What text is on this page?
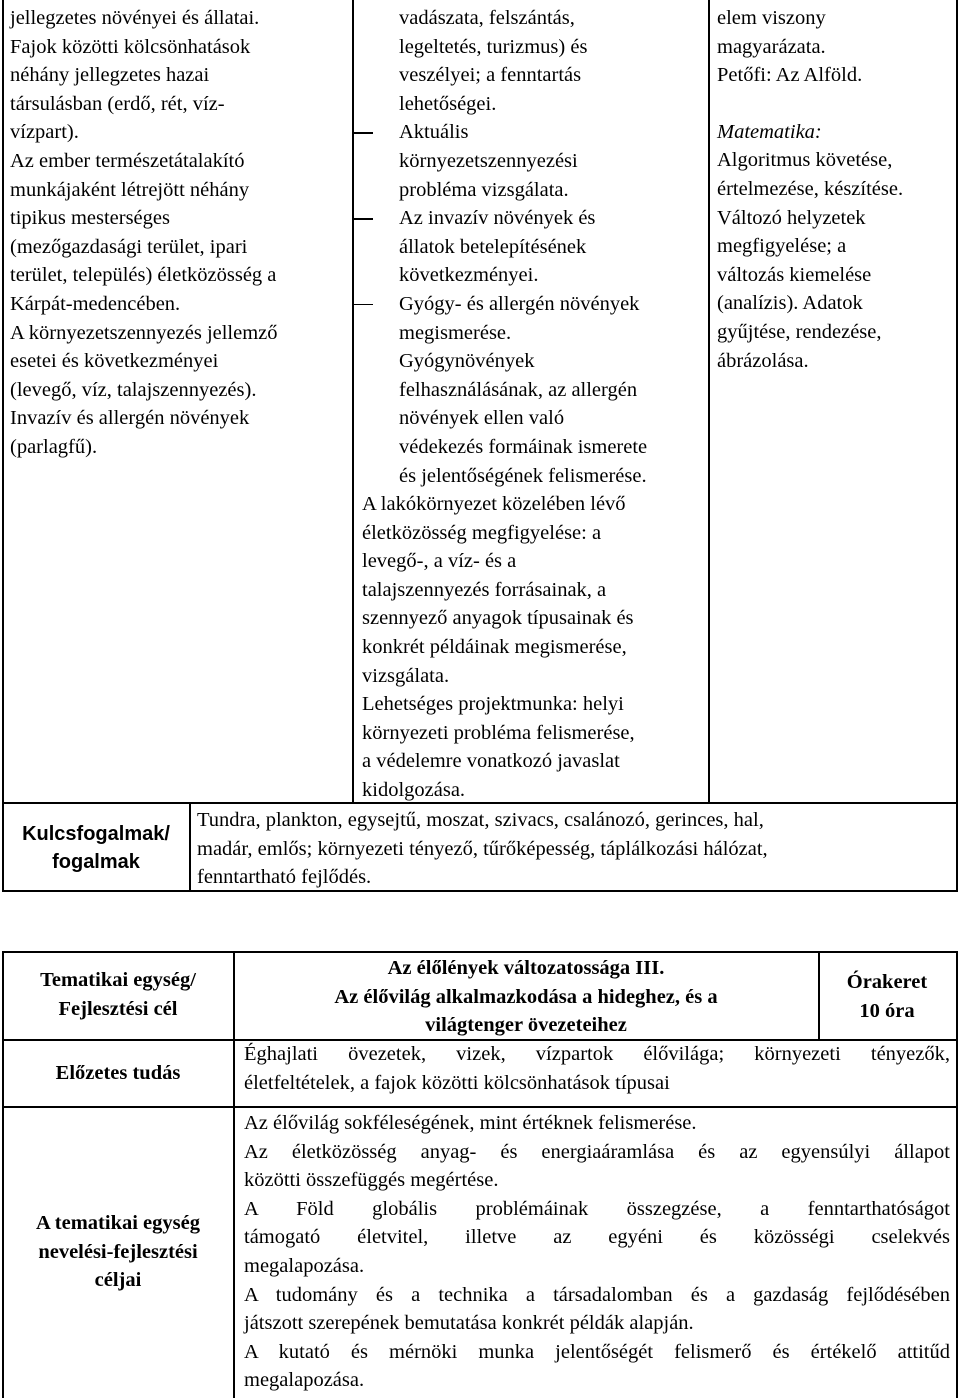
jellegzetes növényei és állatai.
Fajok közötti kölcsönhatások
néhány jellegzetes hazai
társulásban (erdő, rét, víz-
vízpart).
Az ember természetátalakító
munkájaként létrejött néhány
tipikus mesterséges
(mezőgazdasági terület, ipari
terület, település) életközösség a
Kárpát-medencében.
A környezetszennyezés jellemző
esetei és következményei
(levegő, víz, talajszennyezés).
Invazív és allergén növények
(parlagfű).
vadászata, felszántás,
legeltetés, turizmus) és
veszélyei; a fenntartás
lehetőségei.
Aktuális
környezetszennyezési
probléma vizsgálata.
Az invazív növények és
állatok betelepítésének
következményei.
Gyógy- és allergén növények
megismerése.
Gyógynövények
felhasználásának, az allergén
növények ellen való
védekezés formáinak ismerete
és jelentőségének felismerése.
A lakókörnyezet közelében lévő
életközösség megfigyelése: a
levegő-, a víz- és a
talajszennyezés forrásainak, a
szennyező anyagok típusainak és
konkrét példáinak megismerése,
vizsgálata.
Lehetséges projektmunka: helyi
környezeti probléma felismerése,
a védelemre vonatkozó javaslat
kidolgozása.
elem viszony
magyarázata.
Petőfi: Az Alföld.
Matematika:
Algoritmus követése,
értelmezése, készítése.
Változó helyzetek
megfigyelése; a
változás kiemelése
(analízis). Adatok
gyűjtése, rendezése,
ábrázolása.
Kulcsfogalmak/
fogalmak
Tundra, plankton, egysejtű, moszat, szivacs, csalánozó, gerinces, hal,
madár, emlős; környezeti tényező, tűrőképesség, táplálkozási hálózat,
fenntartható fejlődés.
Tematikai egység/
Fejlesztési cél
Az élőlények változatossága III.
Az élővilág alkalmazkodása a hideghez, és a
világtenger övezeteihez
Órakeret
10 óra
Előzetes tudás
Éghajlati övezetek, vizek, vízpartok élővilága; környezeti tényezők,
életfeltételek, a fajok közötti kölcsönhatások típusai
A tematikai egység
nevelési-fejlesztési
céljai
Az élővilág sokféleségének, mint értéknek felismerése.
Az életközösség anyag- és energiaáramlása és az egyensúlyi állapot
közötti összefüggés megértése.
A Föld globális problémáinak összegzése, a fenntarthatóságot
támogató életvitel, illetve az egyéni és közösségi cselekvés
megalapozása.
A tudomány és a technika a társadalomban és a gazdaság fejlődésében
játszott szerepének bemutatása konkrét példák alapján.
A kutató és mérnöki munka jelentőségét felismerő és értékelő attitűd
megalapozása.
